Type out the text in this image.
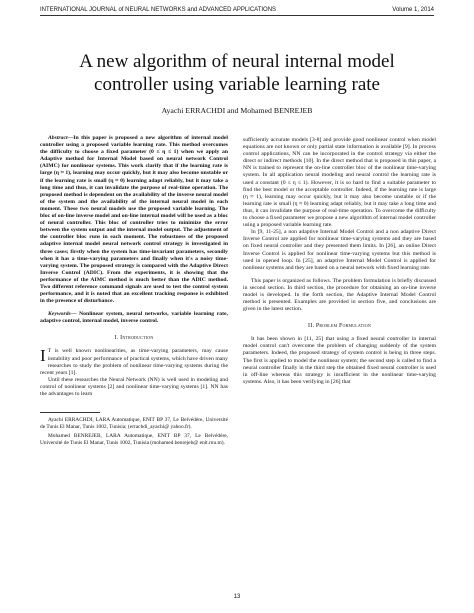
INTERNATIONAL JOURNAL of NEURAL NETWORKS and ADVANCED APPLICATIONS	Volume 1, 2014
A new algorithm of neural internal model
controller using variable learning rate
Ayachi ERRACHDI and Mohamed BENREJEB

Abstract—In this paper is proposed a new algorithm of internal model controller using a proposed variable learning rate. This method overcomes the difficulty to choose a fixed parameter (0 ≤ η ≤ 1) when we apply an Adaptive method for Internal Model based on neural network Control (AIMC) for nonlinear systems. This work clarify that if the learning rate is large (η ≈ 1), learning may occur quickly, but it may also become unstable or if the learning rate is small (η ≈ 0) learning adapt reliably, but it may take a long time and thus, it can invalidate the purpose of real-time operation. The proposed method is dependent on the availability of the inverse neural model of the system and the availability of the internal neural model in each moment. These two neural models use the proposed variable learning. The bloc of on-line inverse model and on-line internal model will be used as a bloc of neural controller. This bloc of controller tries to minimize the error between the system output and the internal model output. The adjustment of the controller bloc runs in each moment. The robustness of the proposed adaptive internal model neural network control strategy is investigated in three cases; firstly when the system has time-invariant parameters, secondly when it has a time-varying parameters and finally when it's a noisy time-varying system. The proposed strategy is compared with the Adaptive Direct Inverse Control (ADIC). From the experiments, it is showing that the performance of the AIMC method is much better than the ADIC method. Two different reference command signals are used to test the control system performance, and it is noted that an excellent tracking response is exhibited in the presence of disturbance.

Keywords— Nonlinear system, neural networks, variable learning rate, adaptive control, internal model, inverse control.

I. Introduction

I T is well known nonlinearities, as time-varying parameters, may cause instability and poor performance of practical systems, which have driven many researches to study the problem of nonlinear time-varying systems during the recent years [1].

Until these researches the Neural Network (NN) is well used in modeling and control of nonlinear systems [2] and nonlinear time-varying systems [1]. NN has the advantages to learn

Ayachi ERRACHDI, LARA Automatique, ENIT BP 37, Le Belvédère, Université de Tunis El Manar, Tunis 1002, Tunisia; (errachdi_ayachi@ yahoo.fr).

Mohamed BENREJEB, LARA Automatique, ENIT BP 37, Le Belvédère, Université de Tunis El Manar, Tunis 1002, Tunisia (mohamed.benrejeb@ enit.rnu.tn).

sufficiently accurate models [3-8] and provide good nonlinear control when model equations are not known or only partial state information is available [9]. In process control applications, NN can be incorporated in the control strategy via either the direct or indirect methods [10]. In the direct method that is proposed in this paper, a NN is trained to represent the on-line controller bloc of the nonlinear time-varying system. In all application neural modeling and neural control the learning rate is used a constant (0 ≤ η ≤ 1). However, it is so hard to find a suitable parameter to find the best model or the acceptable controller. Indeed, if the learning rate is large (η ≈ 1), learning may occur quickly, but it may also become unstable or if the learning rate is small (η ≈ 0) learning adapt reliably, but it may take a long time and thus, it can invalidate the purpose of real-time operation. To overcome the difficulty to choose a fixed parameter we propose a new algorithm of internal model controller using a proposed variable learning rate.

In [9, 11-25], a non adaptive Internal Model Control and a non adaptive Direct Inverse Control are applied for nonlinear time-varying systems and they are based on fixed neural controller and they presented them limits. In [26], an online Direct Inverse Control is applied for nonlinear time-varying systems but this method is used in opened loop. In [25], an adaptive Internal Model Control is applied for nonlinear systems and they are based on a neural network with fixed learning rate.

This paper is organized as follows. The problem formulation is briefly discussed in second section. In third section, the procedure for obtaining an on-line inverse model is developed. In the forth section, the Adaptive Internal Model Control method is presented. Examples are provided in section five, and conclusions are given in the latest section.

II. Problem Formulation

It has been shown in [11, 25] that using a fixed neural controller in internal model control can't overcome the problem of changing suddenly of the system parameters. Indeed, the proposed strategy of system control is being in three steps. The first is applied to model the nonlinear system; the second step is called to find a neural controller finally in the third step the obtained fixed neural controller is used in off-line whereas this strategy is insufficient in the nonlinear time-varying systems. Also, it has been verifying in [26] that

13
